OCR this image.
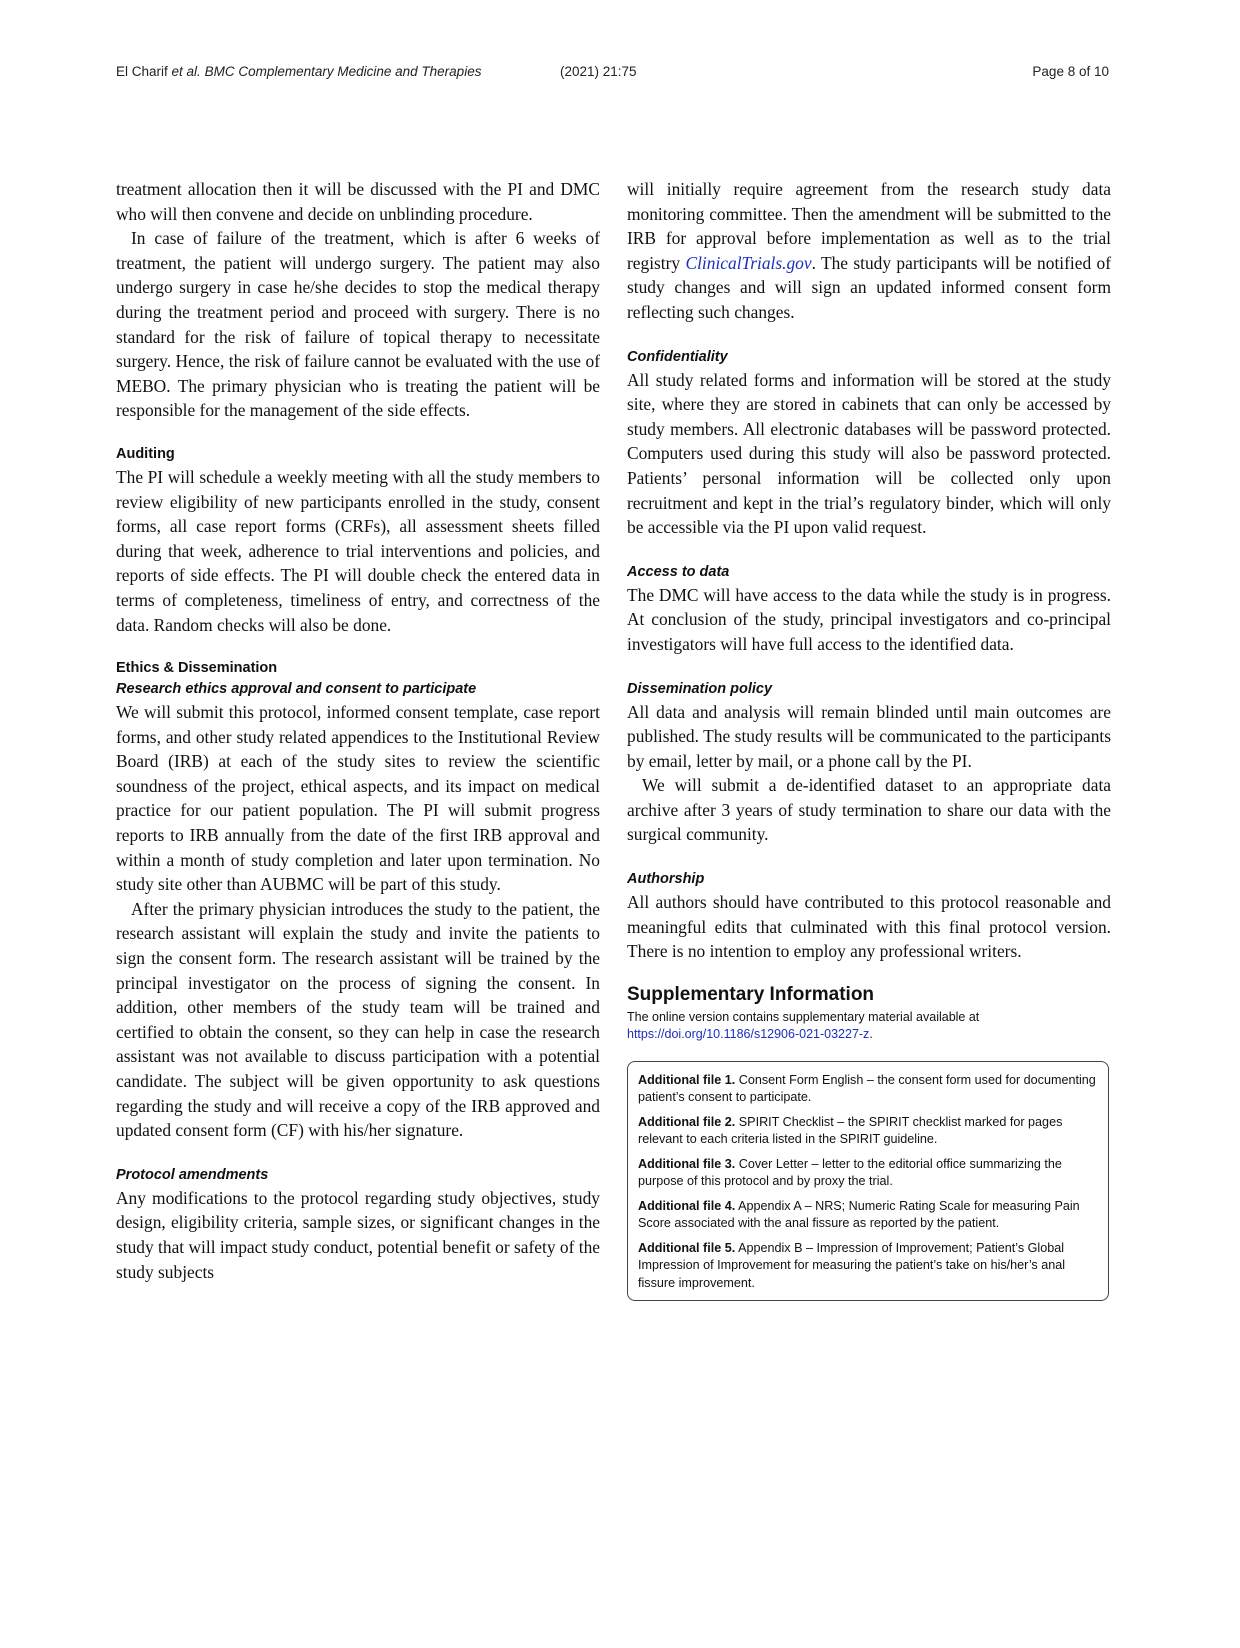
El Charif et al. BMC Complementary Medicine and Therapies	(2021) 21:75	Page 8 of 10

treatment allocation then it will be discussed with the PI and DMC who will then convene and decide on unblinding procedure.

In case of failure of the treatment, which is after 6 weeks of treatment, the patient will undergo surgery. The patient may also undergo surgery in case he/she decides to stop the medical therapy during the treatment period and proceed with surgery. There is no standard for the risk of failure of topical therapy to necessitate surgery. Hence, the risk of failure cannot be evaluated with the use of MEBO. The primary physician who is treating the patient will be responsible for the management of the side effects.

Auditing

The PI will schedule a weekly meeting with all the study members to review eligibility of new participants enrolled in the study, consent forms, all case report forms (CRFs), all assessment sheets filled during that week, adherence to trial interventions and policies, and reports of side effects. The PI will double check the entered data in terms of completeness, timeliness of entry, and correctness of the data. Random checks will also be done.

Ethics & Dissemination
Research ethics approval and consent to participate

We will submit this protocol, informed consent template, case report forms, and other study related appendices to the Institutional Review Board (IRB) at each of the study sites to review the scientific soundness of the project, ethical aspects, and its impact on medical practice for our patient population. The PI will submit progress reports to IRB annually from the date of the first IRB approval and within a month of study completion and later upon termination. No study site other than AUBMC will be part of this study.

After the primary physician introduces the study to the patient, the research assistant will explain the study and invite the patients to sign the consent form. The research assistant will be trained by the principal investigator on the process of signing the consent. In addition, other members of the study team will be trained and certified to obtain the consent, so they can help in case the research assistant was not available to discuss participation with a potential candidate. The subject will be given opportunity to ask questions regarding the study and will receive a copy of the IRB approved and updated consent form (CF) with his/her signature.

Protocol amendments

Any modifications to the protocol regarding study objectives, study design, eligibility criteria, sample sizes, or significant changes in the study that will impact study conduct, potential benefit or safety of the study subjects

will initially require agreement from the research study data monitoring committee. Then the amendment will be submitted to the IRB for approval before implementation as well as to the trial registry ClinicalTrials.gov. The study participants will be notified of study changes and will sign an updated informed consent form reflecting such changes.

Confidentiality

All study related forms and information will be stored at the study site, where they are stored in cabinets that can only be accessed by study members. All electronic databases will be password protected. Computers used during this study will also be password protected. Patients’ personal information will be collected only upon recruitment and kept in the trial’s regulatory binder, which will only be accessible via the PI upon valid request.

Access to data

The DMC will have access to the data while the study is in progress. At conclusion of the study, principal investigators and co-principal investigators will have full access to the identified data.

Dissemination policy

All data and analysis will remain blinded until main outcomes are published. The study results will be communicated to the participants by email, letter by mail, or a phone call by the PI.

We will submit a de-identified dataset to an appropriate data archive after 3 years of study termination to share our data with the surgical community.

Authorship

All authors should have contributed to this protocol reasonable and meaningful edits that culminated with this final protocol version. There is no intention to employ any professional writers.

Supplementary Information
The online version contains supplementary material available at https://doi.org/10.1186/s12906-021-03227-z.
Additional file 1. Consent Form English – the consent form used for documenting patient’s consent to participate.
Additional file 2. SPIRIT Checklist – the SPIRIT checklist marked for pages relevant to each criteria listed in the SPIRIT guideline.
Additional file 3. Cover Letter – letter to the editorial office summarizing the purpose of this protocol and by proxy the trial.
Additional file 4. Appendix A – NRS; Numeric Rating Scale for measuring Pain Score associated with the anal fissure as reported by the patient.
Additional file 5. Appendix B – Impression of Improvement; Patient’s Global Impression of Improvement for measuring the patient’s take on his/her’s anal fissure improvement.
